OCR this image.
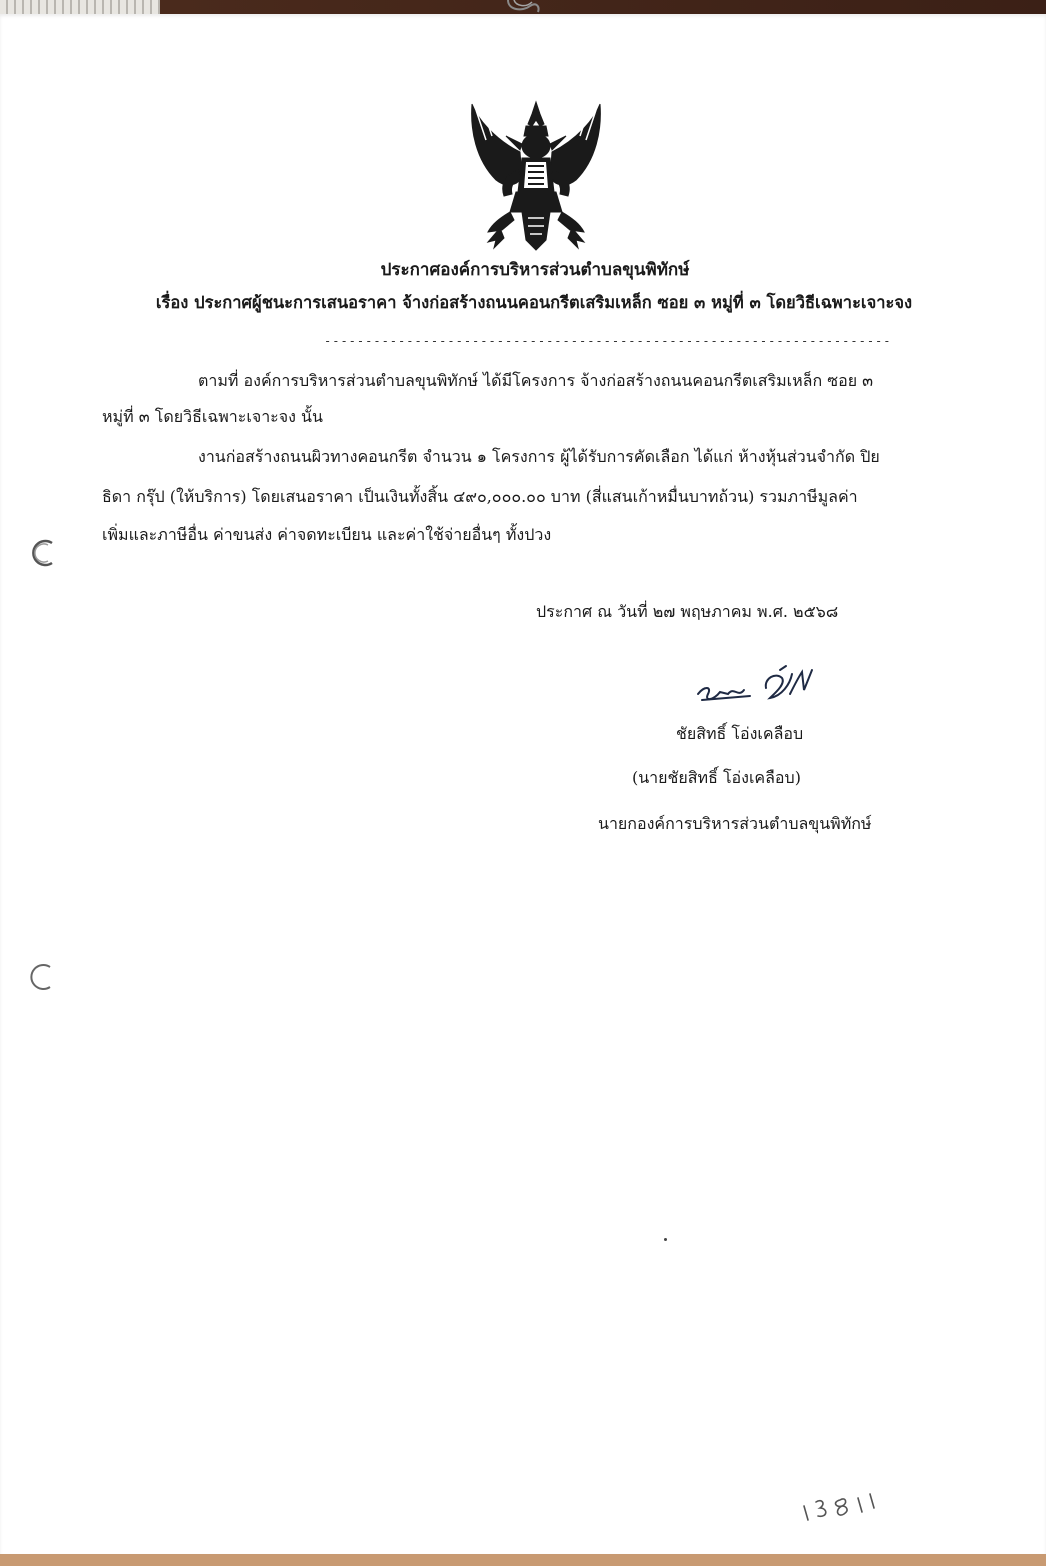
ประกาศองค์การบริหารส่วนตำบลขุนพิทักษ์
เรื่อง ประกาศผู้ชนะการเสนอราคา จ้างก่อสร้างถนนคอนกรีตเสริมเหล็ก ซอย ๓ หมู่ที่ ๓ โดยวิธีเฉพาะเจาะจง
---------------------------------------------------------------------

ตามที่ องค์การบริหารส่วนตำบลขุนพิทักษ์ ได้มีโครงการ จ้างก่อสร้างถนนคอนกรีตเสริมเหล็ก ซอย ๓

หมู่ที่ ๓ โดยวิธีเฉพาะเจาะจง นั้น

งานก่อสร้างถนนผิวทางคอนกรีต จำนวน ๑ โครงการ ผู้ได้รับการคัดเลือก ได้แก่ ห้างหุ้นส่วนจำกัด ปิย

ธิดา กรุ๊ป (ให้บริการ) โดยเสนอราคา เป็นเงินทั้งสิ้น ๔๙๐,๐๐๐.๐๐ บาท (สี่แสนเก้าหมื่นบาทถ้วน) รวมภาษีมูลค่า

เพิ่มและภาษีอื่น ค่าขนส่ง ค่าจดทะเบียน และค่าใช้จ่ายอื่นๆ ทั้งปวง

ประกาศ ณ วันที่ ๒๗ พฤษภาคม พ.ศ. ๒๕๖๘

ชัยสิทธิ์ โอ่งเคลือบ
(นายชัยสิทธิ์ โอ่งเคลือบ)
นายกองค์การบริหารส่วนตำบลขุนพิทักษ์
